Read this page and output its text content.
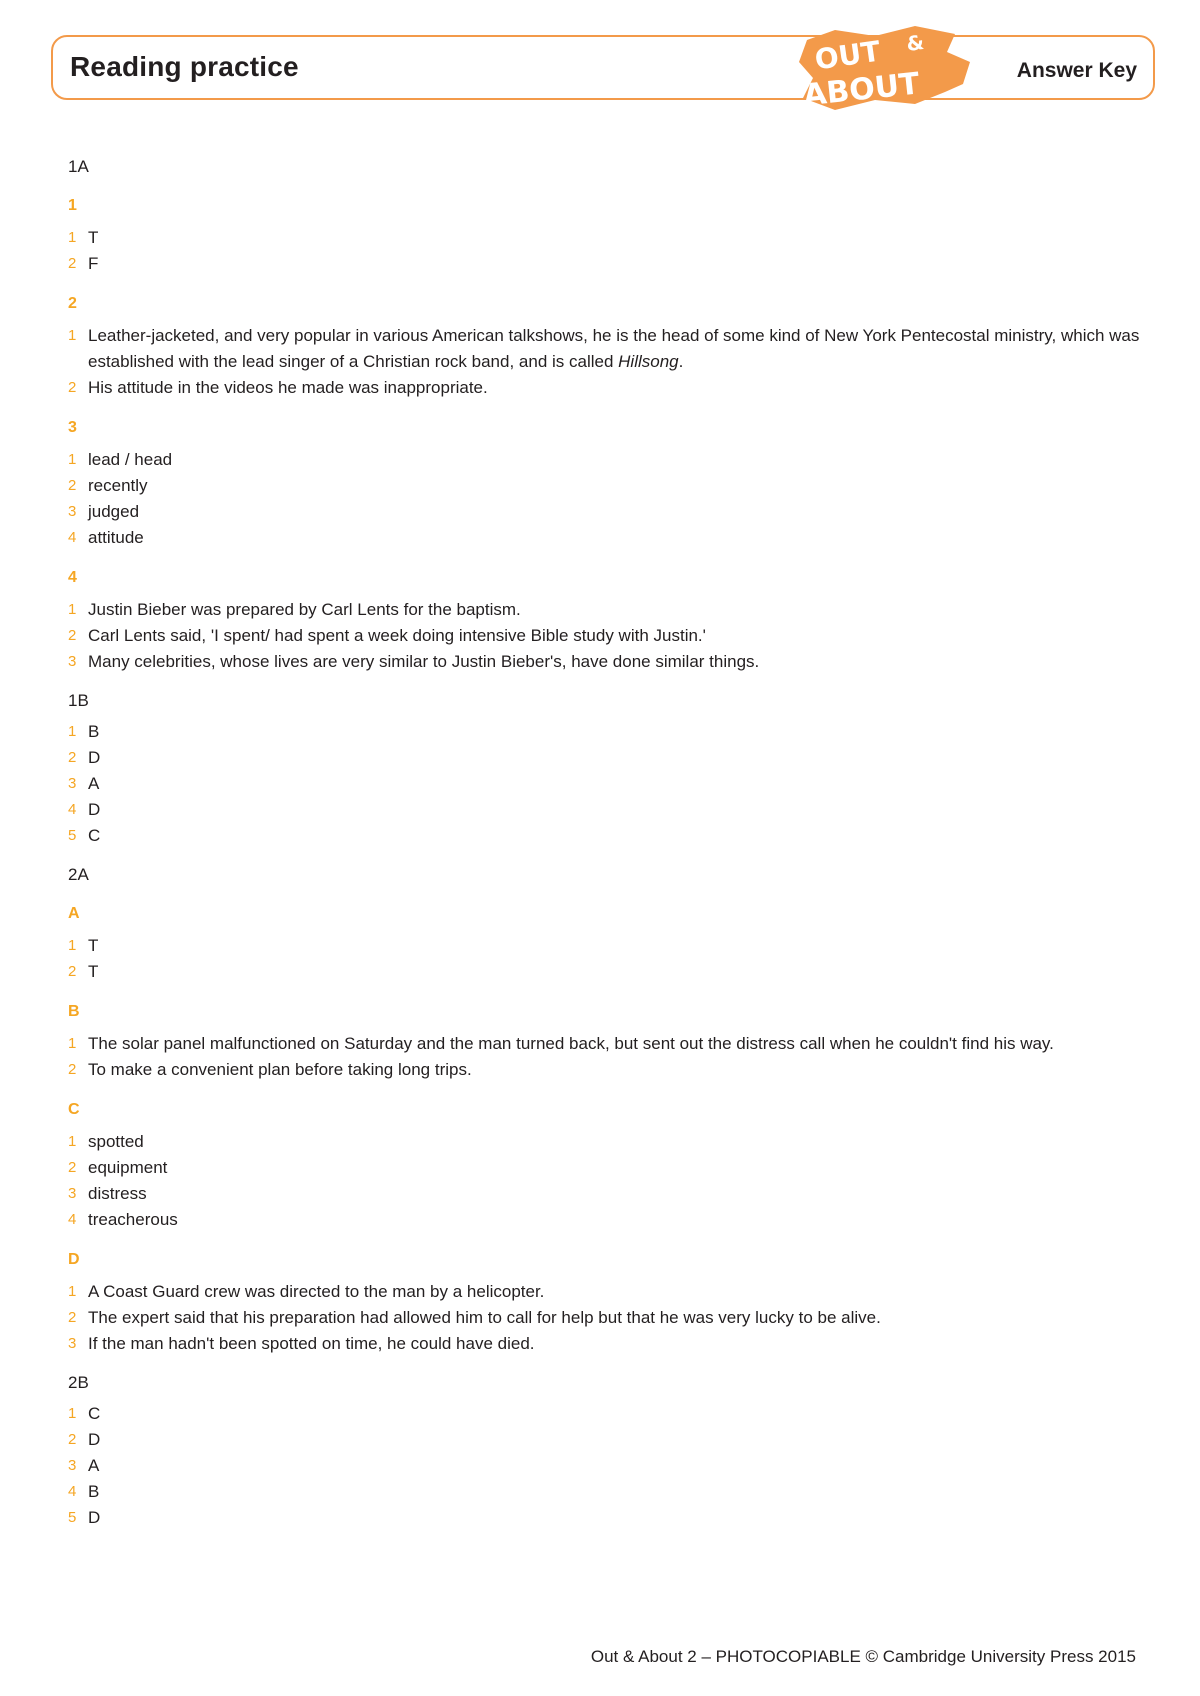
Reading practice	Answer Key
OUT &
ABOUT
1A
1
1 T
2 F
2
1 Leather-jacketed, and very popular in various American talkshows, he is the head of some kind of New York Pentecostal ministry, which was established with the lead singer of a Christian rock band, and is called Hillsong.
2 His attitude in the videos he made was inappropriate.
3
1 lead / head
2 recently
3 judged
4 attitude
4
1 Justin Bieber was prepared by Carl Lents for the baptism.
2 Carl Lents said, 'I spent/ had spent a week doing intensive Bible study with Justin.'
3 Many celebrities, whose lives are very similar to Justin Bieber's, have done similar things.
1B
1 B
2 D
3 A
4 D
5 C
2A
A
1 T
2 T
B
1 The solar panel malfunctioned on Saturday and the man turned back, but sent out the distress call when he couldn't find his way.
2 To make a convenient plan before taking long trips.
C
1 spotted
2 equipment
3 distress
4 treacherous
D
1 A Coast Guard crew was directed to the man by a helicopter.
2 The expert said that his preparation had allowed him to call for help but that he was very lucky to be alive.
3 If the man hadn't been spotted on time, he could have died.
2B
1 C
2 D
3 A
4 B
5 D
Out & About 2 – PHOTOCOPIABLE © Cambridge University Press 2015
